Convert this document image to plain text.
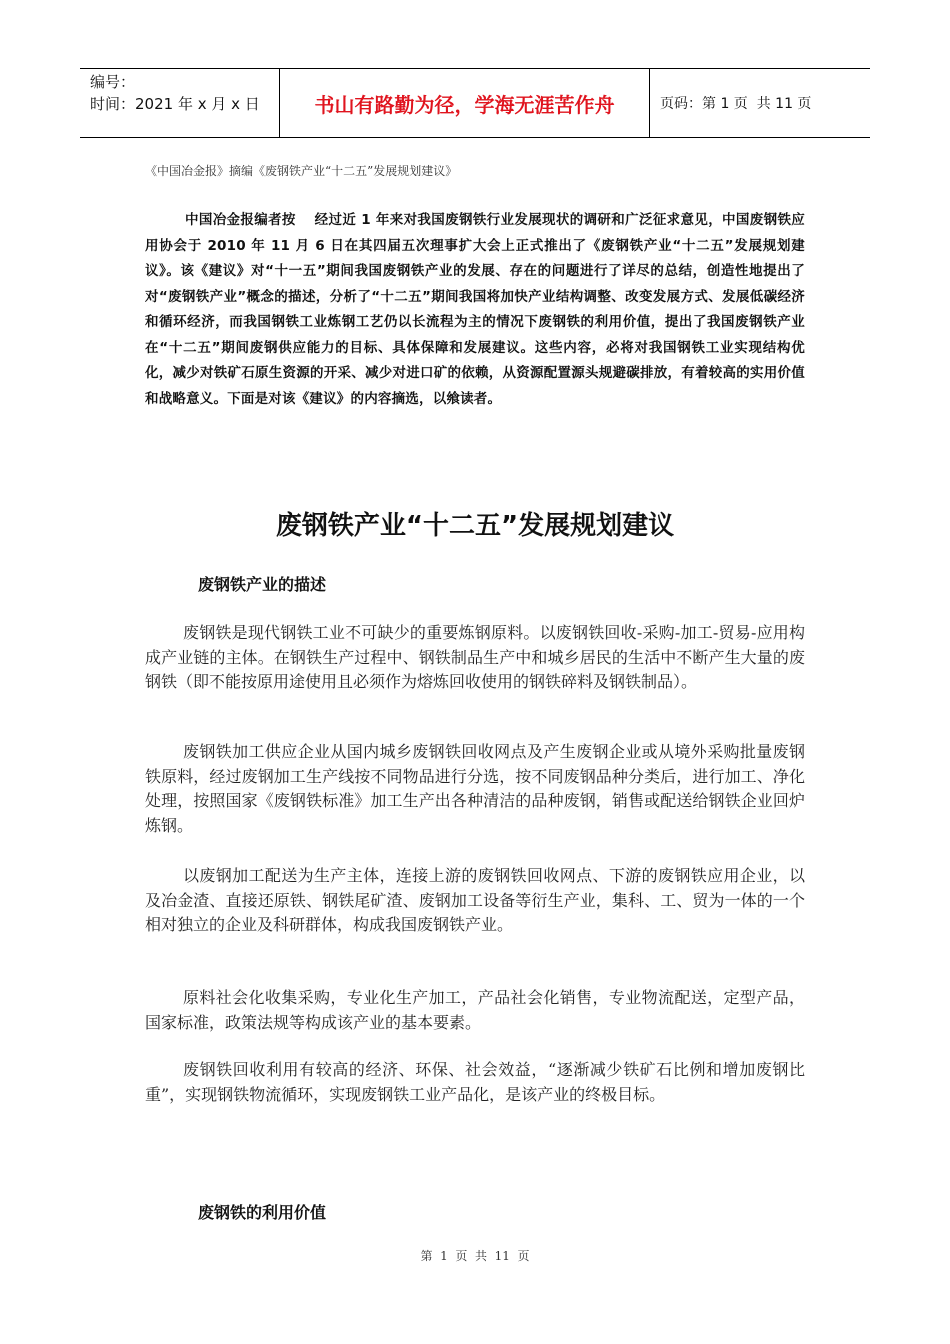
编号：
时间：2021 年 x 月 x 日	书山有路勤为径，学海无涯苦作舟	页码：第 1 页  共 11 页
《中国冶金报》摘编《废钢铁产业“十二五”发展规划建议》
中国冶金报编者按　 经过近 1 年来对我国废钢铁行业发展现状的调研和广泛征求意见，中国废钢铁应用协会于 2010 年 11 月 6 日在其四届五次理事扩大会上正式推出了《废钢铁产业“十二五”发展规划建议》。该《建议》对“十一五”期间我国废钢铁产业的发展、存在的问题进行了详尽的总结，创造性地提出了对“废钢铁产业”概念的描述，分析了“十二五”期间我国将加快产业结构调整、改变发展方式、发展低碳经济和循环经济，而我国钢铁工业炼钢工艺仍以长流程为主的情况下废钢铁的利用价值，提出了我国废钢铁产业在“十二五”期间废钢供应能力的目标、具体保障和发展建议。这些内容，必将对我国钢铁工业实现结构优化，减少对铁矿石原生资源的开采、减少对进口矿的依赖，从资源配置源头规避碳排放，有着较高的实用价值和战略意义。下面是对该《建议》的内容摘选，以飨读者。
废钢铁产业“十二五”发展规划建议
废钢铁产业的描述
废钢铁是现代钢铁工业不可缺少的重要炼钢原料。以废钢铁回收-采购-加工-贸易-应用构成产业链的主体。在钢铁生产过程中、钢铁制品生产中和城乡居民的生活中不断产生大量的废钢铁（即不能按原用途使用且必须作为熔炼回收使用的钢铁碎料及钢铁制品）。
废钢铁加工供应企业从国内城乡废钢铁回收网点及产生废钢企业或从境外采购批量废钢铁原料，经过废钢加工生产线按不同物品进行分选，按不同废钢品种分类后，进行加工、净化处理，按照国家《废钢铁标准》加工生产出各种清洁的品种废钢，销售或配送给钢铁企业回炉炼钢。
以废钢加工配送为生产主体，连接上游的废钢铁回收网点、下游的废钢铁应用企业，以及冶金渣、直接还原铁、钢铁尾矿渣、废钢加工设备等衍生产业，集科、工、贸为一体的一个相对独立的企业及科研群体，构成我国废钢铁产业。
原料社会化收集采购，专业化生产加工，产品社会化销售，专业物流配送，定型产品，国家标准，政策法规等构成该产业的基本要素。
废钢铁回收利用有较高的经济、环保、社会效益，“逐渐减少铁矿石比例和增加废钢比重”，实现钢铁物流循环，实现废钢铁工业产品化，是该产业的终极目标。
废钢铁的利用价值
第  1  页  共  11  页
